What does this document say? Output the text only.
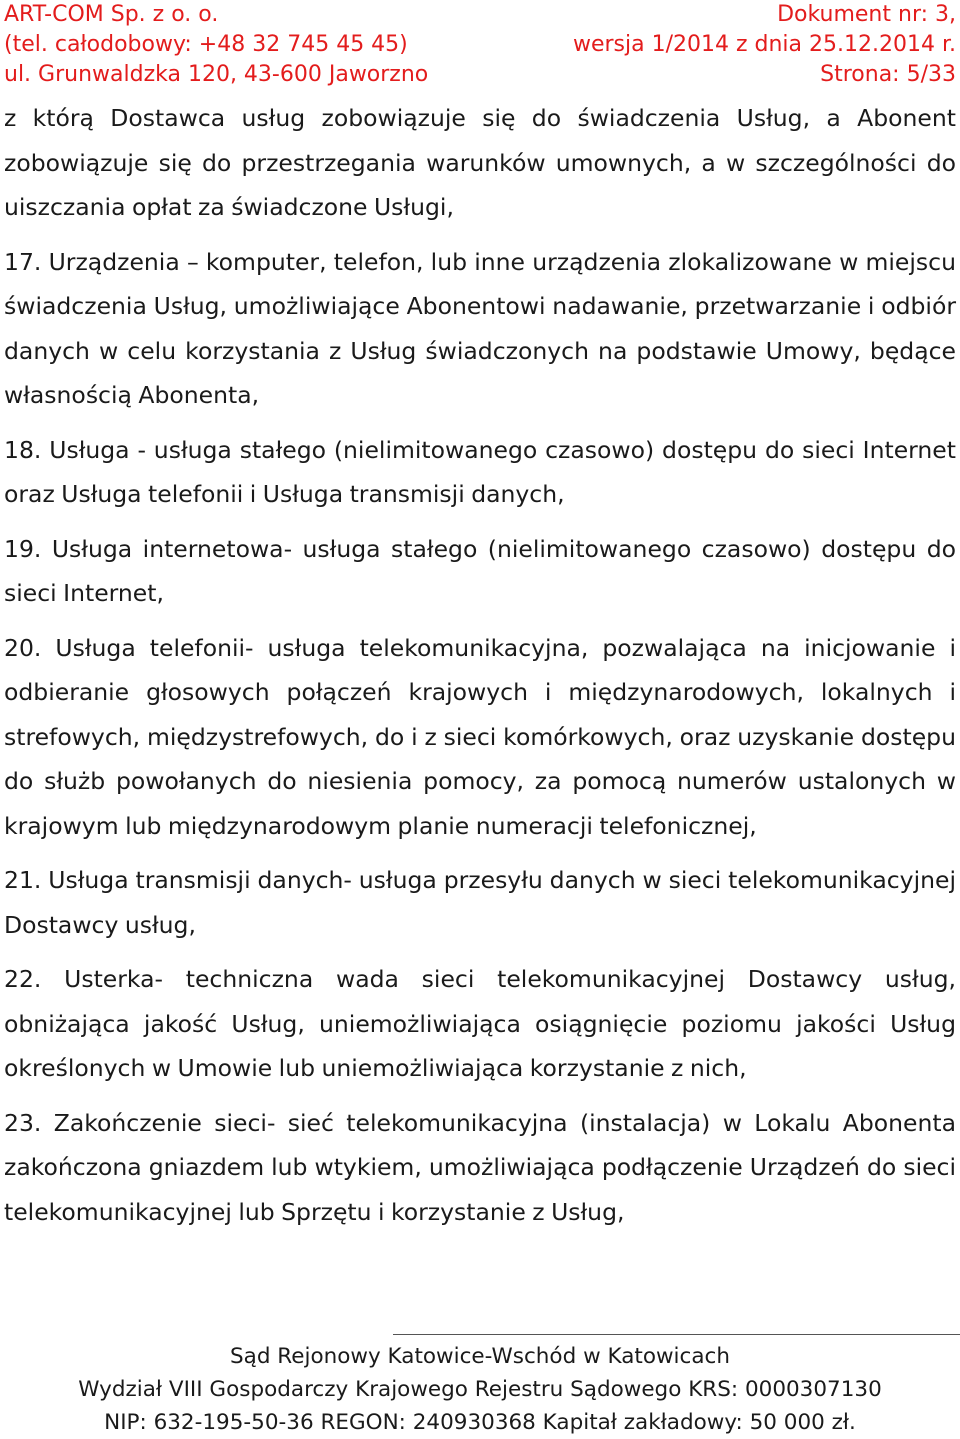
ART-COM Sp. z o. o.	Dokument nr: 3,
(tel. całodobowy: +48 32 745 45 45)	wersja 1/2014 z dnia 25.12.2014 r.
ul. Grunwaldzka 120, 43-600 Jaworzno	Strona: 5/33

z którą Dostawca usług zobowiązuje się do świadczenia Usług, a Abonent zobowiązuje się do przestrzegania warunków umownych, a w szczególności do uiszczania opłat za świadczone Usługi,

17. Urządzenia – komputer, telefon, lub inne urządzenia zlokalizowane w miejscu świadczenia Usług, umożliwiające Abonentowi nadawanie, przetwarzanie i odbiór danych w celu korzystania z Usług świadczonych na podstawie Umowy, będące własnością Abonenta,

18. Usługa - usługa stałego (nielimitowanego czasowo) dostępu do sieci Internet oraz Usługa telefonii i Usługa transmisji danych,

19. Usługa internetowa- usługa stałego (nielimitowanego czasowo) dostępu do sieci Internet,

20. Usługa telefonii- usługa telekomunikacyjna, pozwalająca na inicjowanie i odbieranie głosowych połączeń krajowych i międzynarodowych, lokalnych i strefowych, międzystrefowych, do i z sieci komórkowych, oraz uzyskanie dostępu do służb powołanych do niesienia pomocy, za pomocą numerów ustalonych w krajowym lub międzynarodowym planie numeracji telefonicznej,

21. Usługa transmisji danych- usługa przesyłu danych w sieci telekomunikacyjnej Dostawcy usług,

22. Usterka- techniczna wada sieci telekomunikacyjnej Dostawcy usług, obniżająca jakość Usług, uniemożliwiająca osiągnięcie poziomu jakości Usług określonych w Umowie lub uniemożliwiająca korzystanie z nich,

23. Zakończenie sieci- sieć telekomunikacyjna (instalacja) w Lokalu Abonenta zakończona gniazdem lub wtykiem, umożliwiająca podłączenie Urządzeń do sieci telekomunikacyjnej lub Sprzętu i korzystanie z Usług,

Sąd Rejonowy Katowice-Wschód w Katowicach
Wydział VIII Gospodarczy Krajowego Rejestru Sądowego KRS: 0000307130
NIP: 632-195-50-36 REGON: 240930368 Kapitał zakładowy: 50 000 zł.
